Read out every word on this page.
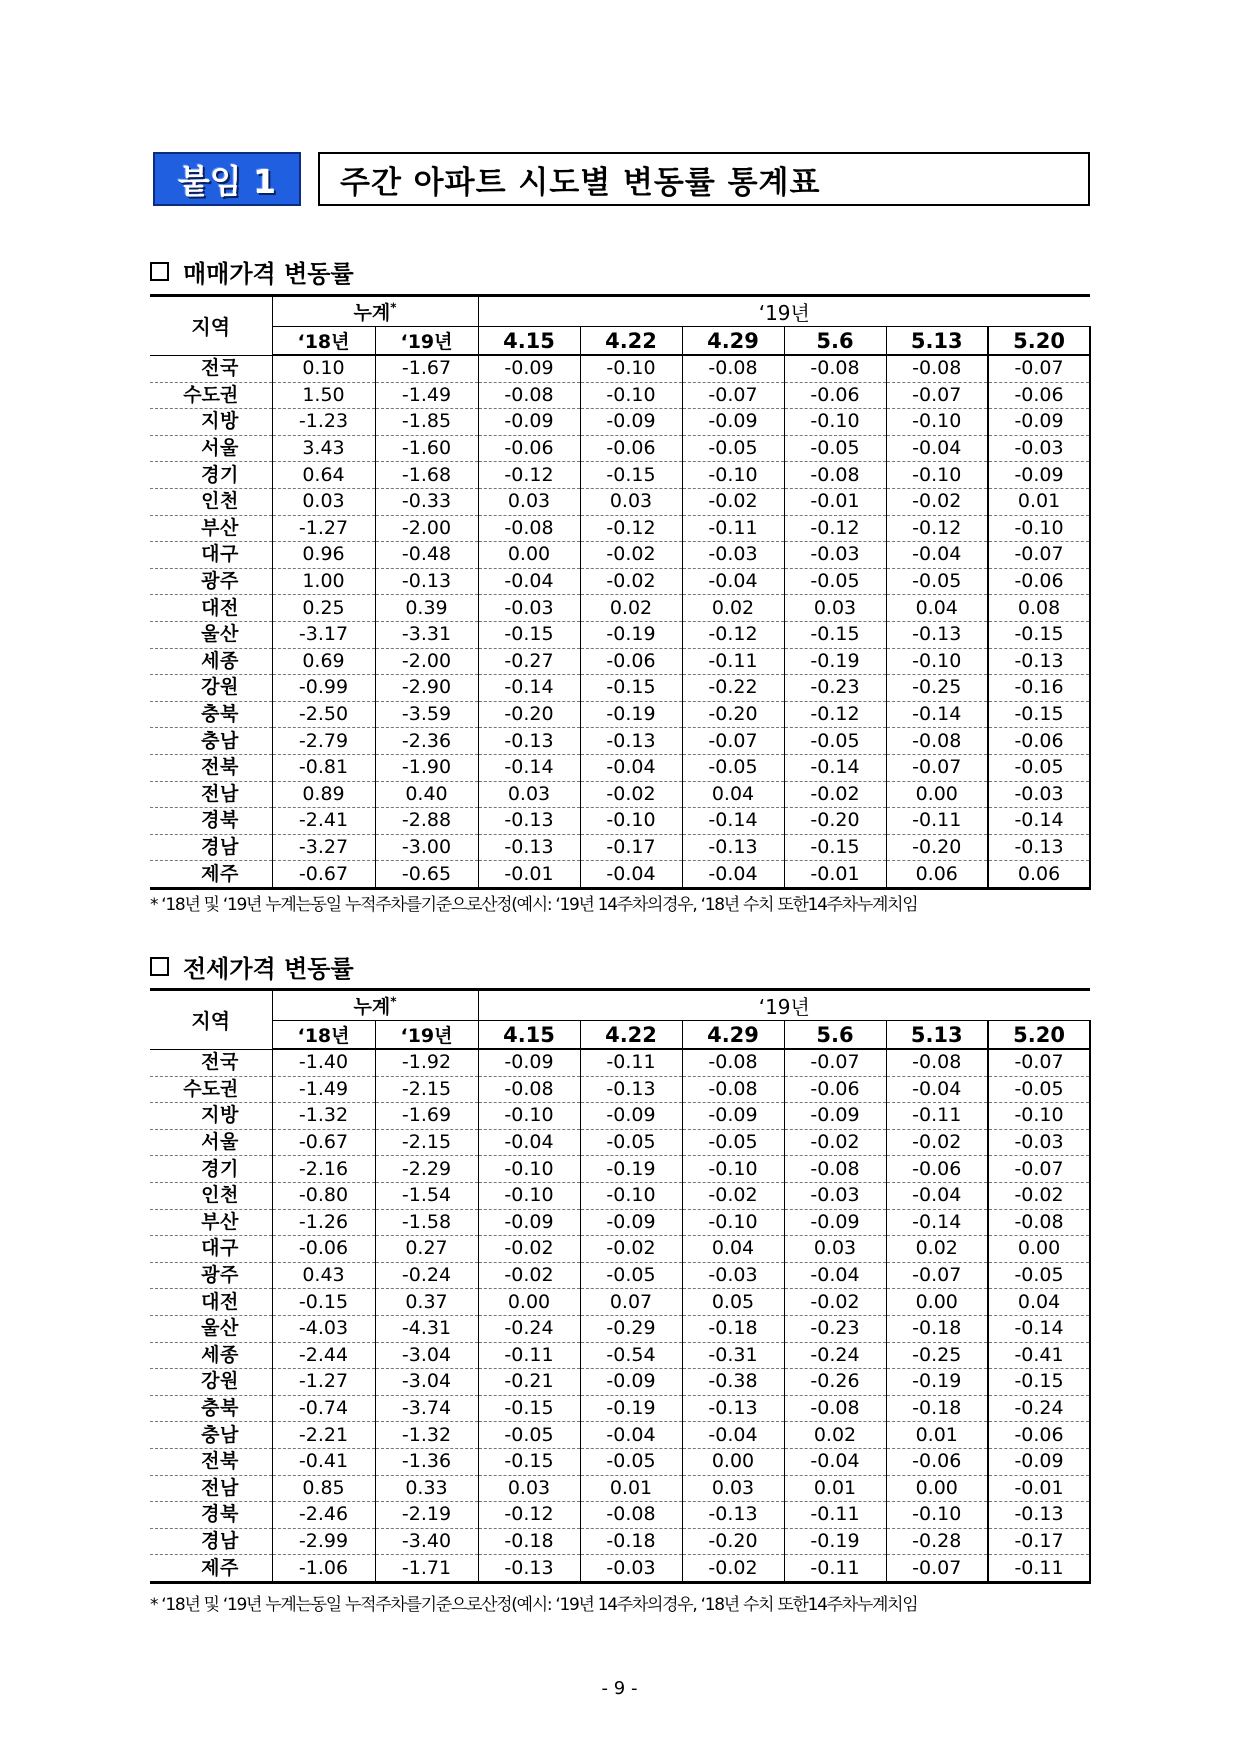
붙임 1	주간 아파트 시도별 변동률 통계표
매매가격 변동률
지역	누계*		‘19년					
	‘18년	‘19년	4.15	4.22	4.29	5.6	5.13	5.20
전 국	0.10	-1.67	-0.09	-0.10	-0.08	-0.08	-0.08	-0.07
수도권	1.50	-1.49	-0.08	-0.10	-0.07	-0.06	-0.07	-0.06
지 방	-1.23	-1.85	-0.09	-0.09	-0.09	-0.10	-0.10	-0.09
서 울	3.43	-1.60	-0.06	-0.06	-0.05	-0.05	-0.04	-0.03
경 기	0.64	-1.68	-0.12	-0.15	-0.10	-0.08	-0.10	-0.09
인 천	0.03	-0.33	0.03	0.03	-0.02	-0.01	-0.02	0.01
부 산	-1.27	-2.00	-0.08	-0.12	-0.11	-0.12	-0.12	-0.10
대 구	0.96	-0.48	0.00	-0.02	-0.03	-0.03	-0.04	-0.07
광 주	1.00	-0.13	-0.04	-0.02	-0.04	-0.05	-0.05	-0.06
대 전	0.25	0.39	-0.03	0.02	0.02	0.03	0.04	0.08
울 산	-3.17	-3.31	-0.15	-0.19	-0.12	-0.15	-0.13	-0.15
세 종	0.69	-2.00	-0.27	-0.06	-0.11	-0.19	-0.10	-0.13
강 원	-0.99	-2.90	-0.14	-0.15	-0.22	-0.23	-0.25	-0.16
충 북	-2.50	-3.59	-0.20	-0.19	-0.20	-0.12	-0.14	-0.15
충 남	-2.79	-2.36	-0.13	-0.13	-0.07	-0.05	-0.08	-0.06
전 북	-0.81	-1.90	-0.14	-0.04	-0.05	-0.14	-0.07	-0.05
전 남	0.89	0.40	0.03	-0.02	0.04	-0.02	0.00	-0.03
경 북	-2.41	-2.88	-0.13	-0.10	-0.14	-0.20	-0.11	-0.14
경 남	-3.27	-3.00	-0.13	-0.17	-0.13	-0.15	-0.20	-0.13
제 주	-0.67	-0.65	-0.01	-0.04	-0.04	-0.01	0.06	0.06
* ‘18년 및 ‘19년 누계는동일 누적주차를기준으로산정(예시: ‘19년 14주차의경우, ‘18년 수치 또한14주차누계치임
전세가격 변동률
지역	누계*		‘19년					
	‘18년	‘19년	4.15	4.22	4.29	5.6	5.13	5.20
전 국	-1.40	-1.92	-0.09	-0.11	-0.08	-0.07	-0.08	-0.07
수도권	-1.49	-2.15	-0.08	-0.13	-0.08	-0.06	-0.04	-0.05
지 방	-1.32	-1.69	-0.10	-0.09	-0.09	-0.09	-0.11	-0.10
서 울	-0.67	-2.15	-0.04	-0.05	-0.05	-0.02	-0.02	-0.03
경 기	-2.16	-2.29	-0.10	-0.19	-0.10	-0.08	-0.06	-0.07
인 천	-0.80	-1.54	-0.10	-0.10	-0.02	-0.03	-0.04	-0.02
부 산	-1.26	-1.58	-0.09	-0.09	-0.10	-0.09	-0.14	-0.08
대 구	-0.06	0.27	-0.02	-0.02	0.04	0.03	0.02	0.00
광 주	0.43	-0.24	-0.02	-0.05	-0.03	-0.04	-0.07	-0.05
대 전	-0.15	0.37	0.00	0.07	0.05	-0.02	0.00	0.04
울 산	-4.03	-4.31	-0.24	-0.29	-0.18	-0.23	-0.18	-0.14
세 종	-2.44	-3.04	-0.11	-0.54	-0.31	-0.24	-0.25	-0.41
강 원	-1.27	-3.04	-0.21	-0.09	-0.38	-0.26	-0.19	-0.15
충 북	-0.74	-3.74	-0.15	-0.19	-0.13	-0.08	-0.18	-0.24
충 남	-2.21	-1.32	-0.05	-0.04	-0.04	0.02	0.01	-0.06
전 북	-0.41	-1.36	-0.15	-0.05	0.00	-0.04	-0.06	-0.09
전 남	0.85	0.33	0.03	0.01	0.03	0.01	0.00	-0.01
경 북	-2.46	-2.19	-0.12	-0.08	-0.13	-0.11	-0.10	-0.13
경 남	-2.99	-3.40	-0.18	-0.18	-0.20	-0.19	-0.28	-0.17
제 주	-1.06	-1.71	-0.13	-0.03	-0.02	-0.11	-0.07	-0.11
* ‘18년 및 ‘19년 누계는동일 누적주차를기준으로산정(예시: ‘19년 14주차의경우, ‘18년 수치 또한14주차누계치임
- 9 -
